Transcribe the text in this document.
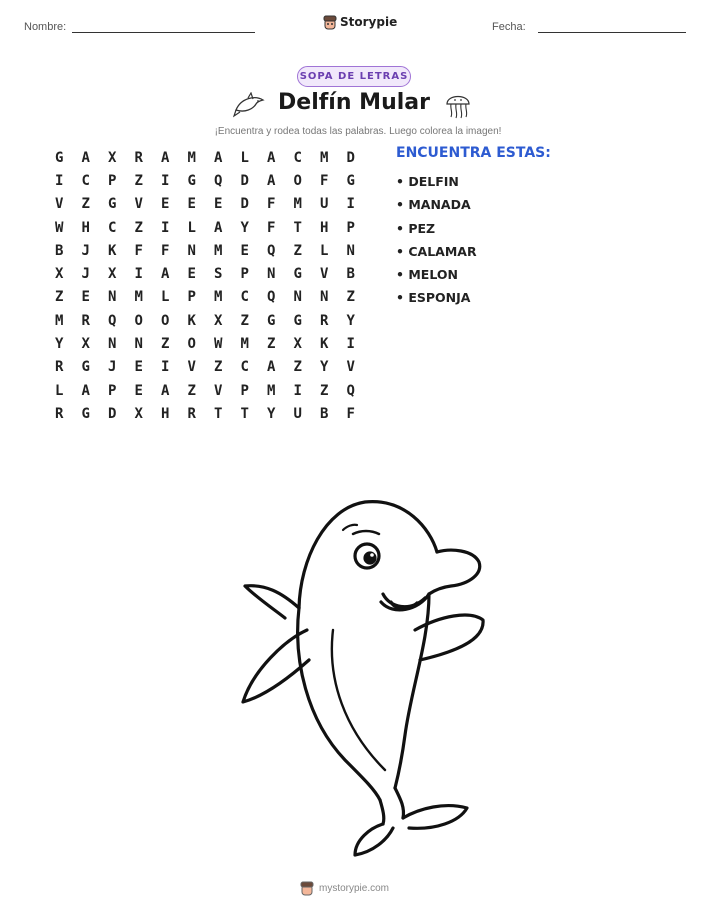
Nombre:	Storypie	Fecha:
SOPA DE LETRAS
Delfín Mular
¡Encuentra y rodea todas las palabras. Luego colorea la imagen!
G	A	X	R	A	M	A	L	A	C	M	D
I	C	P	Z	I	G	Q	D	A	O	F	G
V	Z	G	V	E	E	E	D	F	M	U	I
W	H	C	Z	I	L	A	Y	F	T	H	P
B	J	K	F	F	N	M	E	Q	Z	L	N
X	J	X	I	A	E	S	P	N	G	V	B
Z	E	N	M	L	P	M	C	Q	N	N	Z
M	R	Q	O	O	K	X	Z	G	G	R	Y
Y	X	N	N	Z	O	W	M	Z	X	K	I
R	G	J	E	I	V	Z	C	A	Z	Y	V
L	A	P	E	A	Z	V	P	M	I	Z	Q
R	G	D	X	H	R	T	T	Y	U	B	F
ENCUENTRA ESTAS:
• DELFIN
• MANADA
• PEZ
• CALAMAR
• MELON
• ESPONJA
mystorypie.com
